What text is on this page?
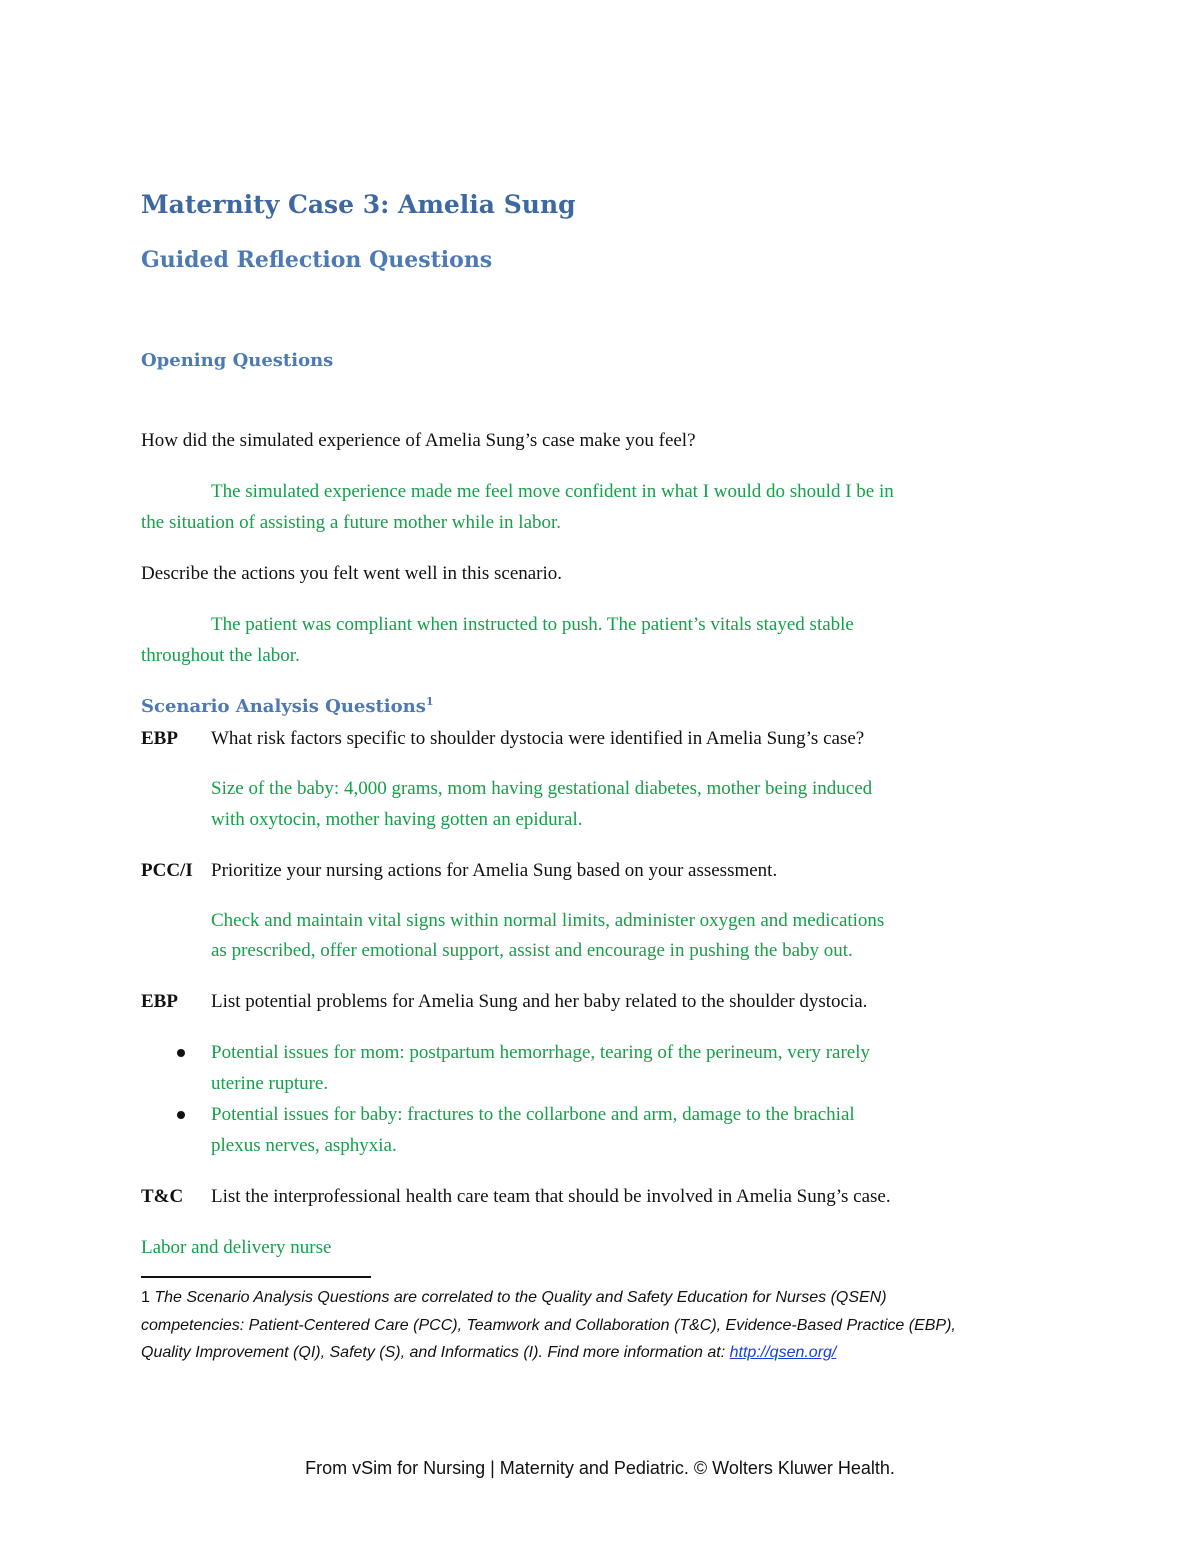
Maternity Case 3: Amelia Sung
Guided Reflection Questions
Opening Questions
How did the simulated experience of Amelia Sung’s case make you feel?
The simulated experience made me feel move confident in what I would do should I be in
the situation of assisting a future mother while in labor.
Describe the actions you felt went well in this scenario.
The patient was compliant when instructed to push. The patient’s vitals stayed stable
throughout the labor.
Scenario Analysis Questions$^1$
EBP What risk factors specific to shoulder dystocia were identified in Amelia Sung’s case?
Size of the baby: 4,000 grams, mom having gestational diabetes, mother being induced
with oxytocin, mother having gotten an epidural.
PCC/I Prioritize your nursing actions for Amelia Sung based on your assessment.
Check and maintain vital signs within normal limits, administer oxygen and medications
as prescribed, offer emotional support, assist and encourage in pushing the baby out.
EBP List potential problems for Amelia Sung and her baby related to the shoulder dystocia.
Potential issues for mom: postpartum hemorrhage, tearing of the perineum, very rarely
uterine rupture.
Potential issues for baby: fractures to the collarbone and arm, damage to the brachial
plexus nerves, asphyxia.
T&C List the interprofessional health care team that should be involved in Amelia Sung’s case.
Labor and delivery nurse
1 The Scenario Analysis Questions are correlated to the Quality and Safety Education for Nurses (QSEN)
competencies: Patient-Centered Care (PCC), Teamwork and Collaboration (T&C), Evidence-Based Practice (EBP),
Quality Improvement (QI), Safety (S), and Informatics (I). Find more information at: http://qsen.org/
From vSim for Nursing | Maternity and Pediatric. © Wolters Kluwer Health.
